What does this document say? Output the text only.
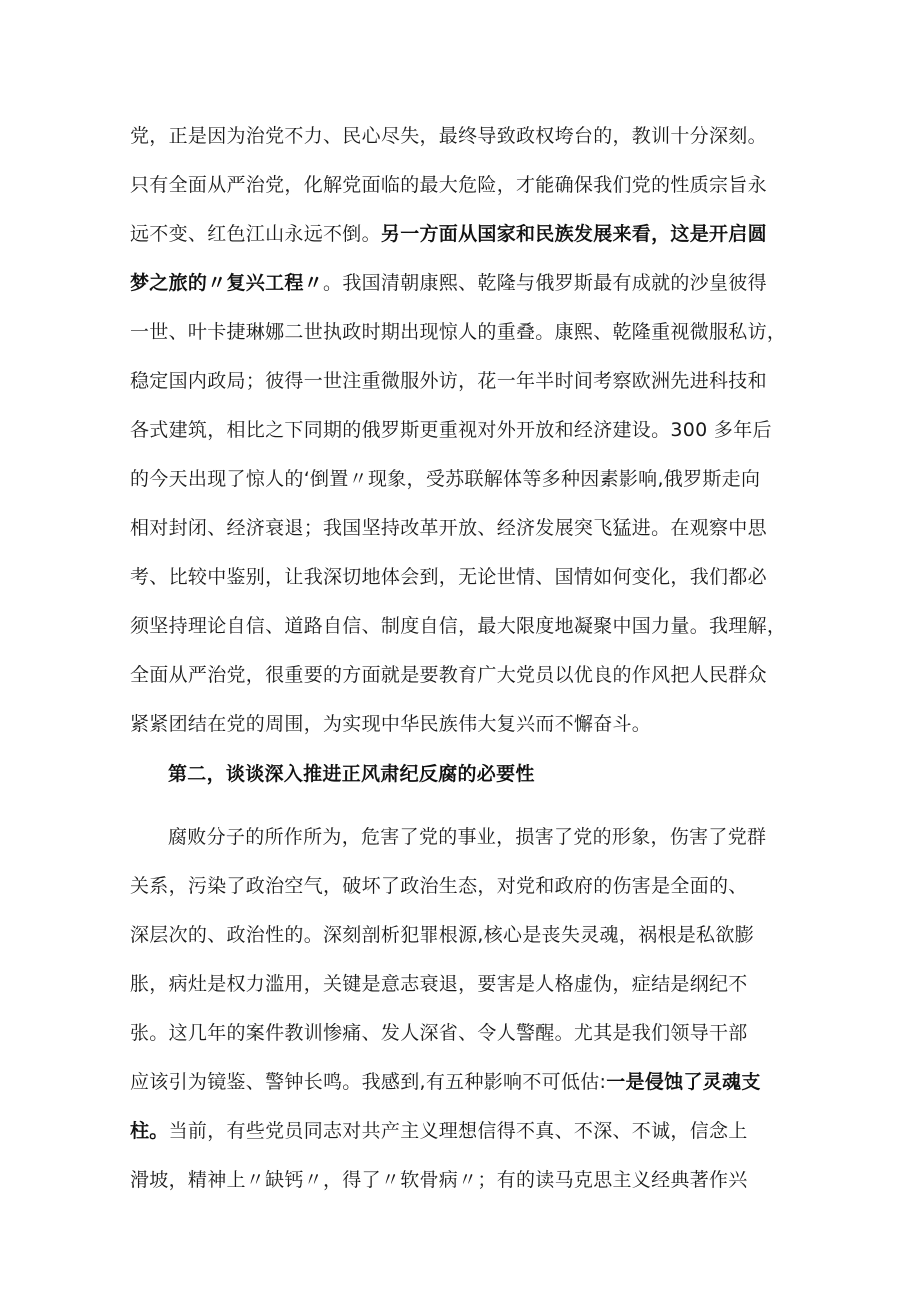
党，正是因为治党不力、民心尽失，最终导致政权垮台的，教训十分深刻。
只有全面从严治党，化解党面临的最大危险，才能确保我们党的性质宗旨永
远不变、红色江山永远不倒。另一方面从国家和民族发展来看，这是开启圆
梦之旅的〃复兴工程〃。我国清朝康熙、乾隆与俄罗斯最有成就的沙皇彼得
一世、叶卡捷琳娜二世执政时期出现惊人的重叠。康熙、乾隆重视微服私访，
稳定国内政局；彼得一世注重微服外访，花一年半时间考察欧洲先进科技和
各式建筑，相比之下同期的俄罗斯更重视对外开放和经济建设。300 多年后
的今天出现了惊人的‘倒置〃现象，受苏联解体等多种因素影响,俄罗斯走向
相对封闭、经济衰退；我国坚持改革开放、经济发展突飞猛进。在观察中思
考、比较中鉴别，让我深切地体会到，无论世情、国情如何变化，我们都必
须坚持理论自信、道路自信、制度自信，最大限度地凝聚中国力量。我理解，
全面从严治党，很重要的方面就是要教育广大党员以优良的作风把人民群众
紧紧团结在党的周围，为实现中华民族伟大复兴而不懈奋斗。
第二，谈谈深入推进正风肃纪反腐的必要性
腐败分子的所作所为，危害了党的事业，损害了党的形象，伤害了党群
关系，污染了政治空气，破坏了政治生态，对党和政府的伤害是全面的、
深层次的、政治性的。深刻剖析犯罪根源,核心是丧失灵魂，祸根是私欲膨
胀，病灶是权力滥用，关键是意志衰退，要害是人格虚伪，症结是纲纪不
张。这几年的案件教训惨痛、发人深省、令人警醒。尤其是我们领导干部
应该引为镜鉴、警钟长鸣。我感到,有五种影响不可低估:一是侵蚀了灵魂支
柱。当前，有些党员同志对共产主义理想信得不真、不深、不诚，信念上
滑坡，精神上〃缺钙〃，得了〃软骨病〃；有的读马克思主义经典著作兴
